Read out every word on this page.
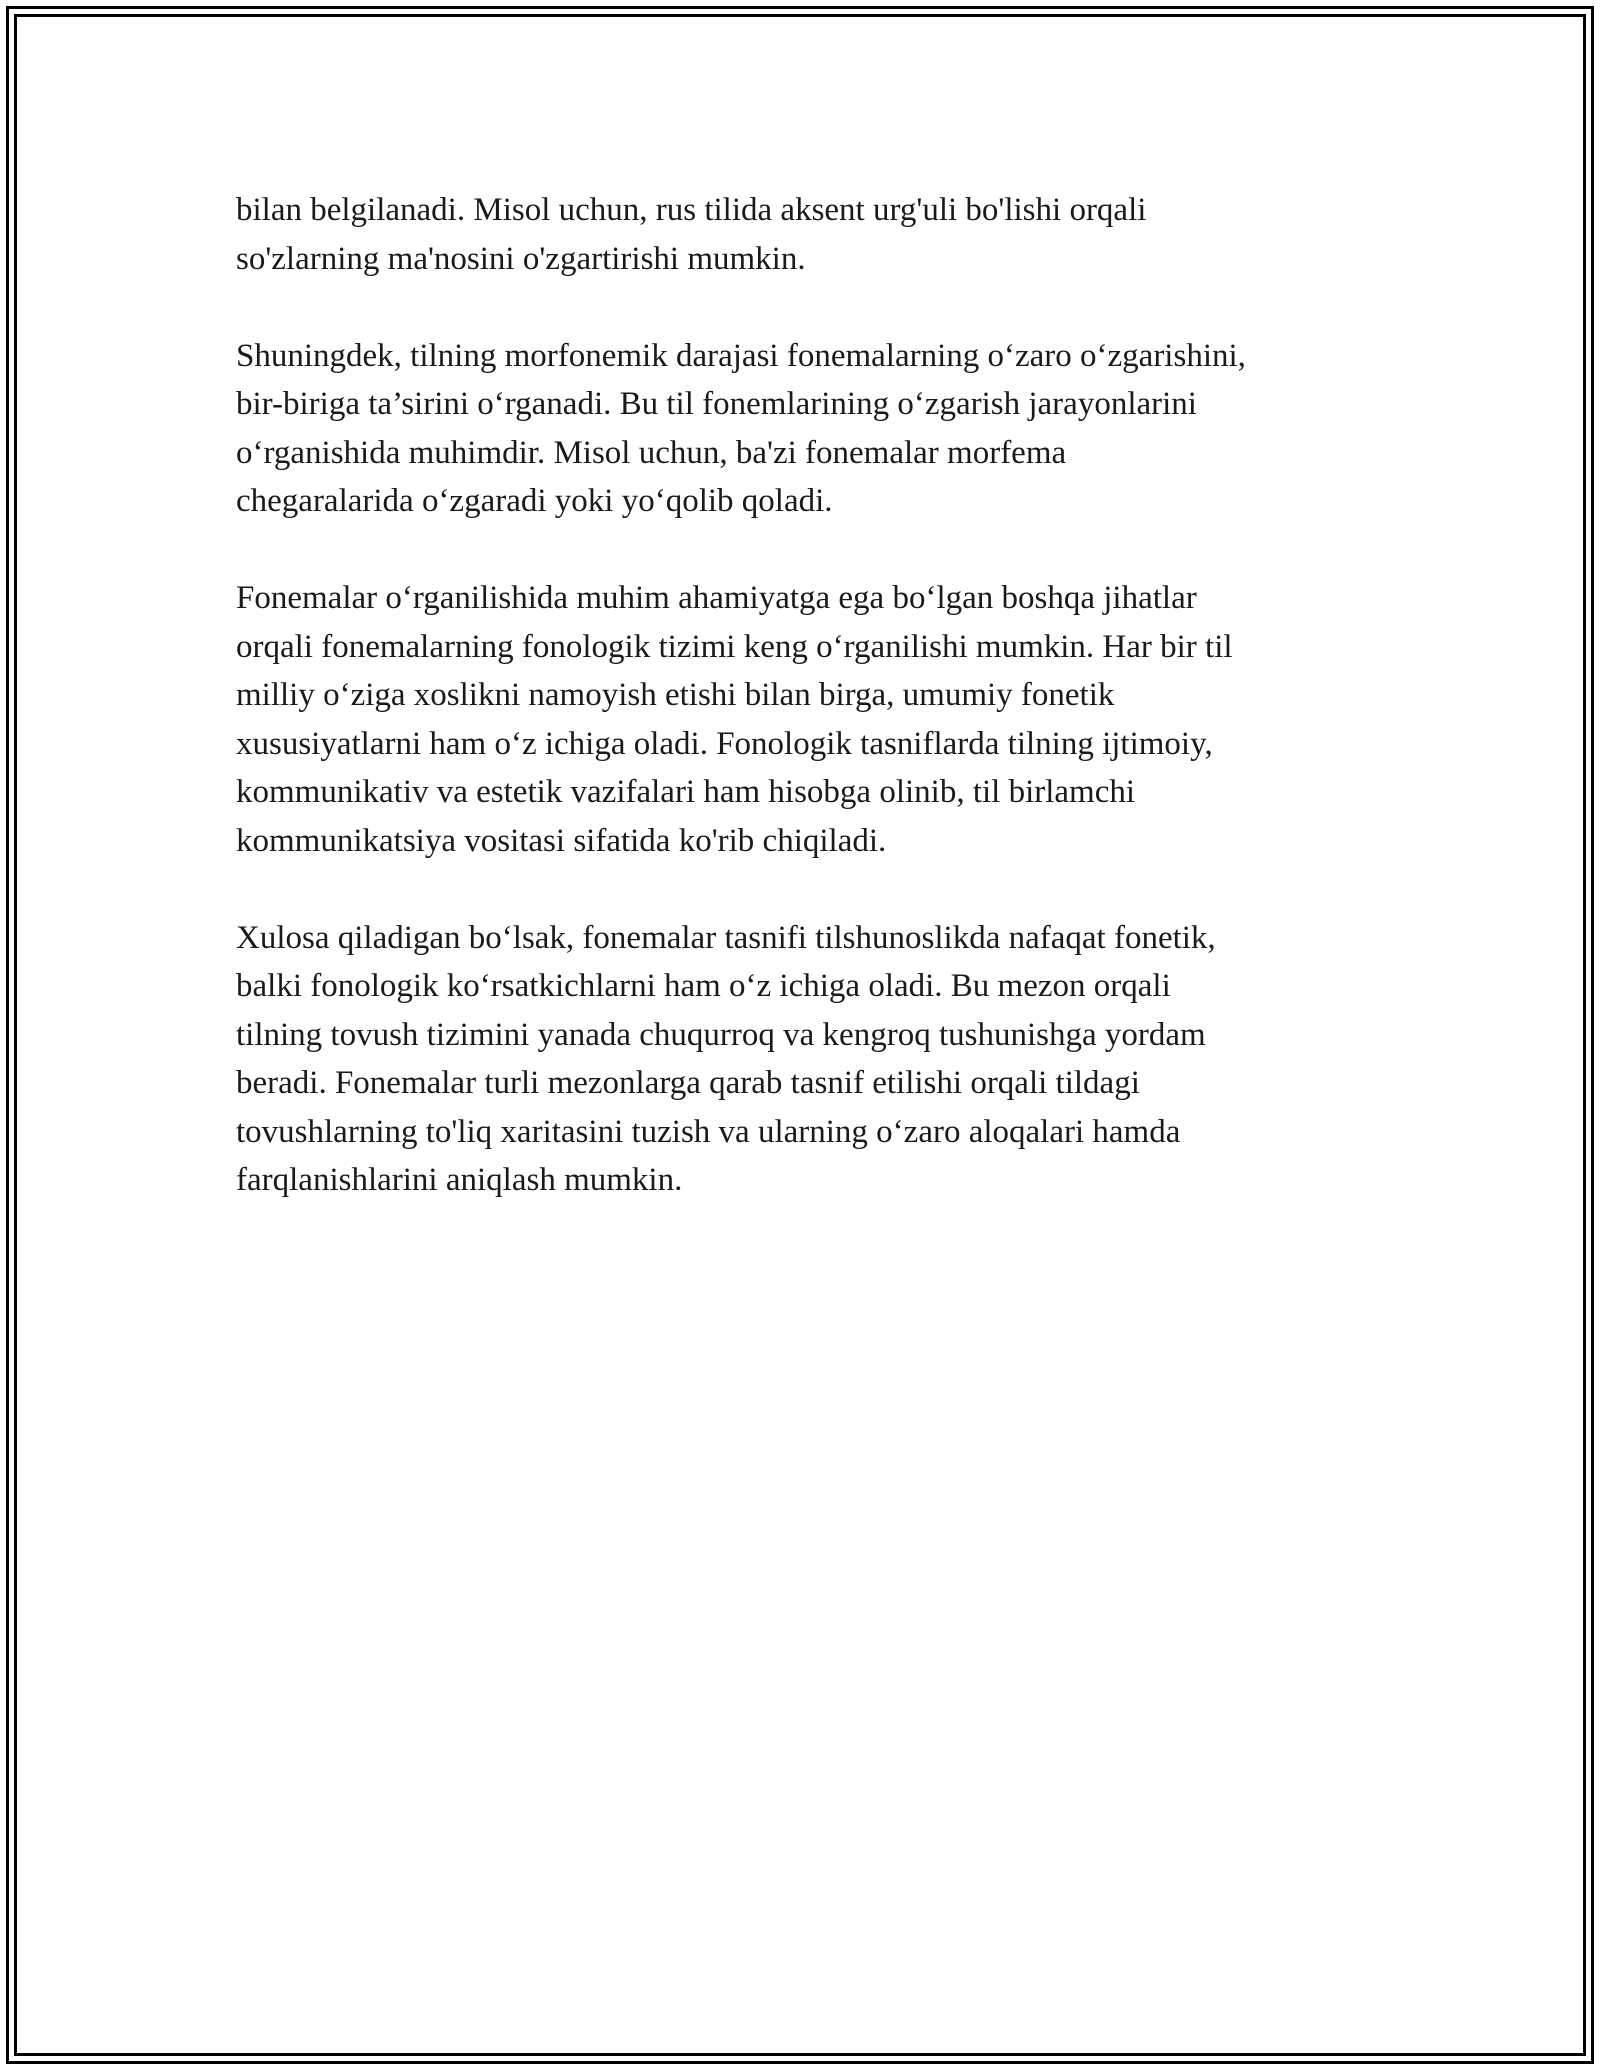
bilan belgilanadi. Misol uchun, rus tilida aksent urg'uli bo'lishi orqali
so'zlarning ma'nosini o'zgartirishi mumkin.

Shuningdek, tilning morfonemik darajasi fonemalarning o‘zaro o‘zgarishini,
bir-biriga ta’sirini o‘rganadi. Bu til fonemlarining o‘zgarish jarayonlarini
o‘rganishida muhimdir. Misol uchun, ba'zi fonemalar morfema
chegaralarida o‘zgaradi yoki yo‘qolib qoladi.

Fonemalar o‘rganilishida muhim ahamiyatga ega bo‘lgan boshqa jihatlar
orqali fonemalarning fonologik tizimi keng o‘rganilishi mumkin. Har bir til
milliy o‘ziga xoslikni namoyish etishi bilan birga, umumiy fonetik
xususiyatlarni ham o‘z ichiga oladi. Fonologik tasniflarda tilning ijtimoiy,
kommunikativ va estetik vazifalari ham hisobga olinib, til birlamchi
kommunikatsiya vositasi sifatida ko'rib chiqiladi.

Xulosa qiladigan bo‘lsak, fonemalar tasnifi tilshunoslikda nafaqat fonetik,
balki fonologik ko‘rsatkichlarni ham o‘z ichiga oladi. Bu mezon orqali
tilning tovush tizimini yanada chuqurroq va kengroq tushunishga yordam
beradi. Fonemalar turli mezonlarga qarab tasnif etilishi orqali tildagi
tovushlarning to'liq xaritasini tuzish va ularning o‘zaro aloqalari hamda
farqlanishlarini aniqlash mumkin.
